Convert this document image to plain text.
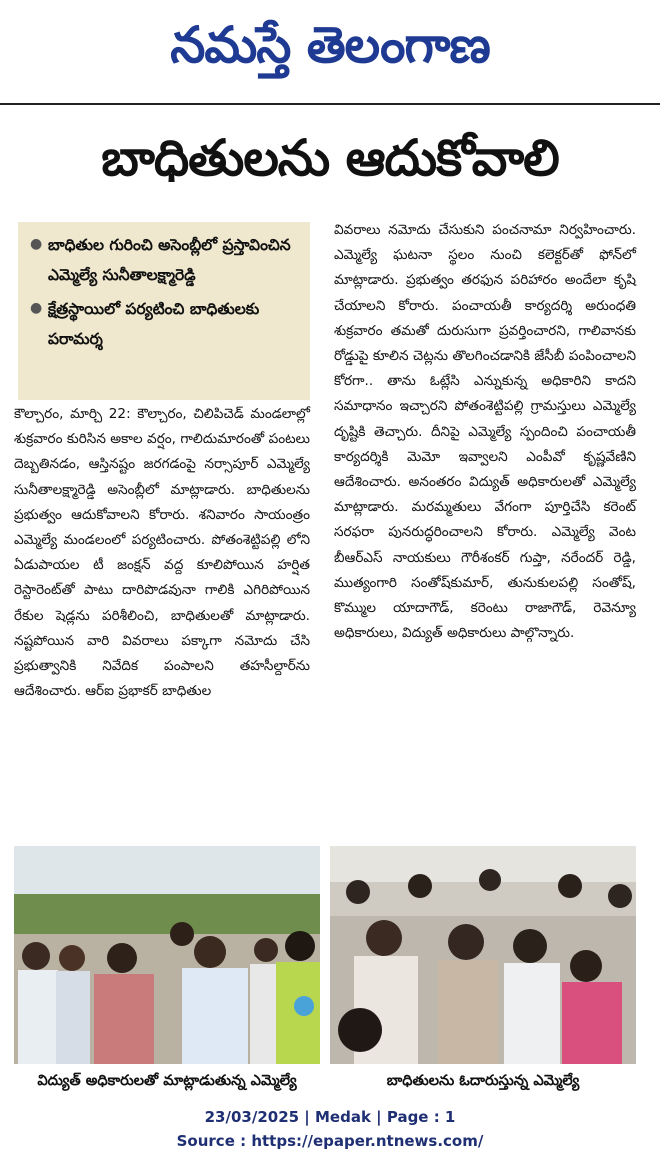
నమస్తే తెలంగాణ
బాధితులను ఆదుకోవాలి
● బాధితుల గురించి అసెంబ్లీలో ప్రస్తావించిన ఎమ్మెల్యే సునీతాలక్ష్మారెడ్డి
● క్షేత్రస్థాయిలో పర్యటించి బాధితులకు పరామర్శ
కౌల్చారం, మార్చి 22: కౌల్చారం, చిలిపిచెడ్ మండలాల్లో శుక్రవారం కురిసిన అకాల వర్షం, గాలిదుమారంతో పంటలు దెబ్బతినడం, ఆస్తినష్టం జరగడంపై నర్సాపూర్ ఎమ్మెల్యే సునీతాలక్ష్మారెడ్డి అసెంబ్లీలో మాట్లాడారు. బాధితులను ప్రభుత్వం ఆదుకోవాలని కోరారు. శనివారం సాయంత్రం ఎమ్మెల్యే మండలంలో పర్యటించారు. పోతంశెట్టిపల్లి లోని ఏడుపాయల టీ జంక్షన్ వద్ద కూలిపోయిన హర్షిత రెస్టారెంట్‌తో పాటు దారిపొడవునా గాలికి ఎగిరిపోయిన రేకుల షెడ్లను పరిశీలించి, బాధితులతో మాట్లాడారు. నష్టపోయిన వారి వివరాలు పక్కాగా నమోదు చేసి ప్రభుత్వానికి నివేదిక పంపాలని తహసీల్దార్‌ను ఆదేశించారు. ఆర్‌ఐ ప్రభాకర్ బాధితుల
వివరాలు నమోదు చేసుకుని పంచనామా నిర్వహించారు. ఎమ్మెల్యే ఘటనా స్థలం నుంచి కలెక్టర్‌తో ఫోన్‌లో మాట్లాడారు. ప్రభుత్వం తరఫున పరిహారం అందేలా కృషి చేయాలని కోరారు. పంచాయతీ కార్యదర్శి అరుంధతి శుక్రవారం తమతో దురుసుగా ప్రవర్తించారని, గాలివానకు రోడ్డుపై కూలిన చెట్లను తొలగించడానికి జేసీబీ పంపించాలని కోరగా.. తాను ఓట్లేసి ఎన్నుకున్న అధికారిని కాదని సమాధానం ఇచ్చారని పోతంశెట్టిపల్లి గ్రామస్తులు ఎమ్మెల్యే దృష్టికి తెచ్చారు. దీనిపై ఎమ్మెల్యే స్పందించి పంచాయతీ కార్యదర్శికి మెమో ఇవ్వాలని ఎంపీవో కృష్ణవేణిని ఆదేశించారు. అనంతరం విద్యుత్ అధికారులతో ఎమ్మెల్యే మాట్లాడారు. మరమ్మతులు వేగంగా పూర్తిచేసి కరెంట్ సరఫరా పునరుద్ధరించాలని కోరారు. ఎమ్మెల్యే వెంట బీఆర్‌ఎస్ నాయకులు గౌరీశంకర్ గుప్తా, నరేందర్ రెడ్డి, ముత్యంగారి సంతోష్‌కుమార్, తునుకులపల్లి సంతోష్, కొమ్ముల యాదాగౌడ్, కరెంటు రాజాగౌడ్, రెవెన్యూ అధికారులు, విద్యుత్ అధికారులు పాల్గొన్నారు.
విద్యుత్ అధికారులతో మాట్లాడుతున్న ఎమ్మెల్యే	బాధితులను ఓదారుస్తున్న ఎమ్మెల్యే
23/03/2025 | Medak | Page : 1
Source : https://epaper.ntnews.com/
